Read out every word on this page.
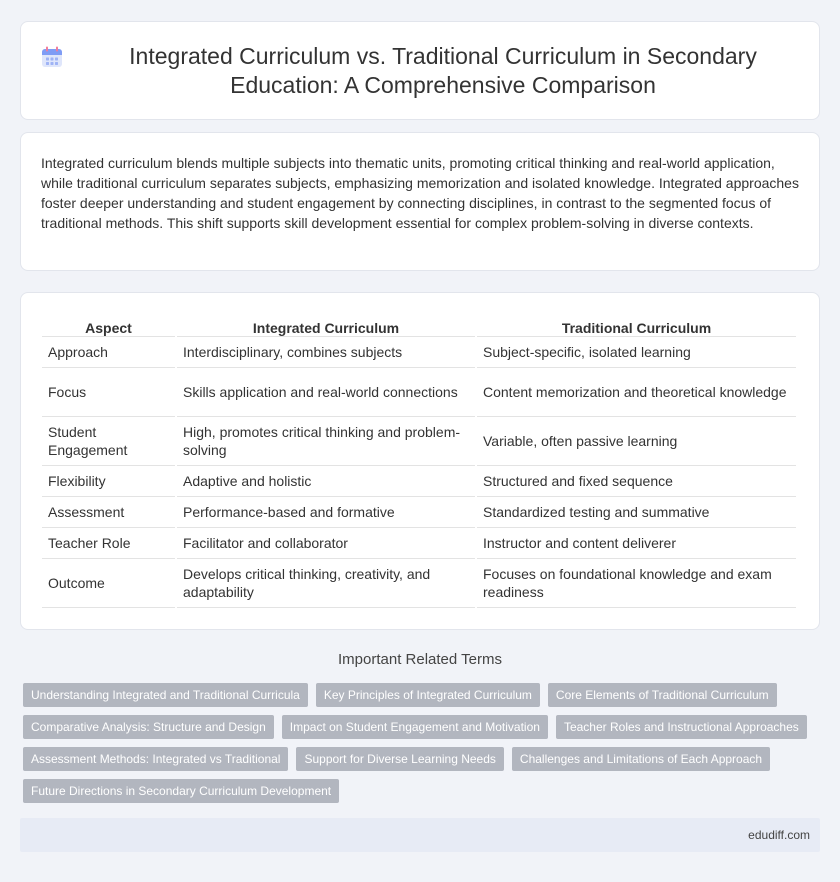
Integrated Curriculum vs. Traditional Curriculum in Secondary Education: A Comprehensive Comparison

Integrated curriculum blends multiple subjects into thematic units, promoting critical thinking and real-world application, while traditional curriculum separates subjects, emphasizing memorization and isolated knowledge. Integrated approaches foster deeper understanding and student engagement by connecting disciplines, in contrast to the segmented focus of traditional methods. This shift supports skill development essential for complex problem-solving in diverse contexts.

Aspect	Integrated Curriculum	Traditional Curriculum
Approach	Interdisciplinary, combines subjects	Subject-specific, isolated learning
Focus	Skills application and real-world connections	Content memorization and theoretical knowledge
Student Engagement	High, promotes critical thinking and problem-solving	Variable, often passive learning
Flexibility	Adaptive and holistic	Structured and fixed sequence
Assessment	Performance-based and formative	Standardized testing and summative
Teacher Role	Facilitator and collaborator	Instructor and content deliverer
Outcome	Develops critical thinking, creativity, and adaptability	Focuses on foundational knowledge and exam readiness
Important Related Terms
Understanding Integrated and Traditional Curricula	Key Principles of Integrated Curriculum	Core Elements of Traditional Curriculum
Comparative Analysis: Structure and Design	Impact on Student Engagement and Motivation	Teacher Roles and Instructional Approaches
Assessment Methods: Integrated vs Traditional	Support for Diverse Learning Needs	Challenges and Limitations of Each Approach
Future Directions in Secondary Curriculum Development
edudiff.com
